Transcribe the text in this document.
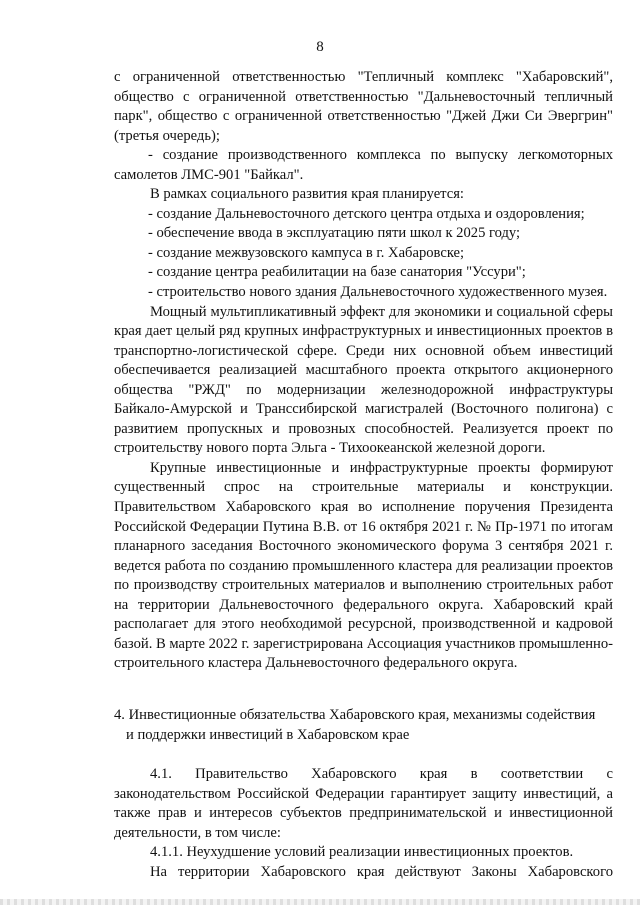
8

с ограниченной ответственностью "Тепличный комплекс "Хабаровский", общество с ограниченной ответственностью "Дальневосточный тепличный парк", общество с ограниченной ответственностью "Джей Джи Си Эвергрин" (третья очередь);

- создание производственного комплекса по выпуску легкомоторных самолетов ЛМС-901 "Байкал".

В рамках социального развития края планируется:

- создание Дальневосточного детского центра отдыха и оздоровления;

- обеспечение ввода в эксплуатацию пяти школ к 2025 году;

- создание межвузовского кампуса в г. Хабаровске;

- создание центра реабилитации на базе санатория "Уссури";

- строительство нового здания Дальневосточного художественного музея.

Мощный мультипликативный эффект для экономики и социальной сферы края дает целый ряд крупных инфраструктурных и инвестиционных проектов в транспортно-логистической сфере. Среди них основной объем инвестиций обеспечивается реализацией масштабного проекта открытого акционерного общества "РЖД" по модернизации железнодорожной инфраструктуры Байкало-Амурской и Транссибирской магистралей (Восточного полигона) с развитием пропускных и провозных способностей. Реализуется проект по строительству нового порта Эльга - Тихоокеанской железной дороги.

Крупные инвестиционные и инфраструктурные проекты формируют существенный спрос на строительные материалы и конструкции. Правительством Хабаровского края во исполнение поручения Президента Российской Федерации Путина В.В. от 16 октября 2021 г. № Пр-1971 по итогам планарного заседания Восточного экономического форума 3 сентября 2021 г. ведется работа по созданию промышленного кластера для реализации проектов по производству строительных материалов и выполнению строительных работ на территории Дальневосточного федерального округа. Хабаровский край располагает для этого необходимой ресурсной, производственной и кадровой базой. В марте 2022 г. зарегистрирована Ассоциация участников промышленно-строительного кластера Дальневосточного федерального округа.

4. Инвестиционные обязательства Хабаровского края, механизмы содействия
и поддержки инвестиций в Хабаровском крае

4.1. Правительство Хабаровского края в соответствии с законодательством Российской Федерации гарантирует защиту инвестиций, а также прав и интересов субъектов предпринимательской и инвестиционной деятельности, в том числе:

4.1.1. Неухудшение условий реализации инвестиционных проектов.

На территории Хабаровского края действуют Законы Хабаровского
